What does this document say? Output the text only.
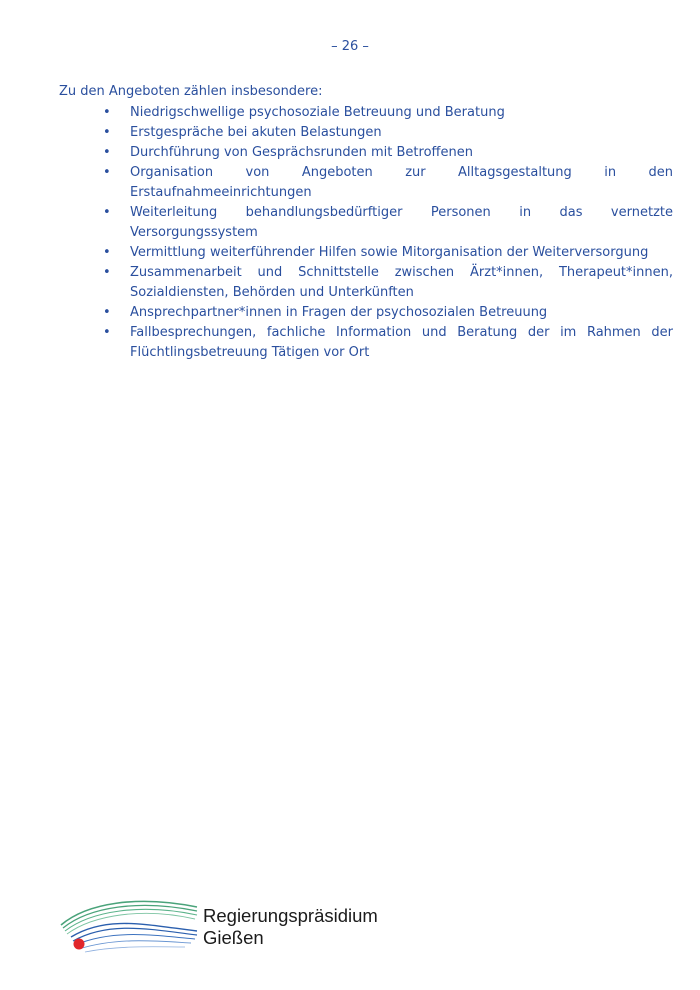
– 26 –

Zu den Angeboten zählen insbesondere:

• Niedrigschwellige psychosoziale Betreuung und Beratung
• Erstgespräche bei akuten Belastungen
• Durchführung von Gesprächsrunden mit Betroffenen
• Organisation von Angeboten zur Alltagsgestaltung in den Erstaufnahmeeinrichtungen
• Weiterleitung behandlungsbedürftiger Personen in das vernetzte Versorgungssystem
• Vermittlung weiterführender Hilfen sowie Mitorganisation der Weiterversorgung
• Zusammenarbeit und Schnittstelle zwischen Ärzt*innen, Therapeut*innen, Sozialdiensten, Behörden und Unterkünften
• Ansprechpartner*innen in Fragen der psychosozialen Betreuung
• Fallbesprechungen, fachliche Information und Beratung der im Rahmen der Flüchtlingsbetreuung Tätigen vor Ort
Regierungspräsidium
Gießen
